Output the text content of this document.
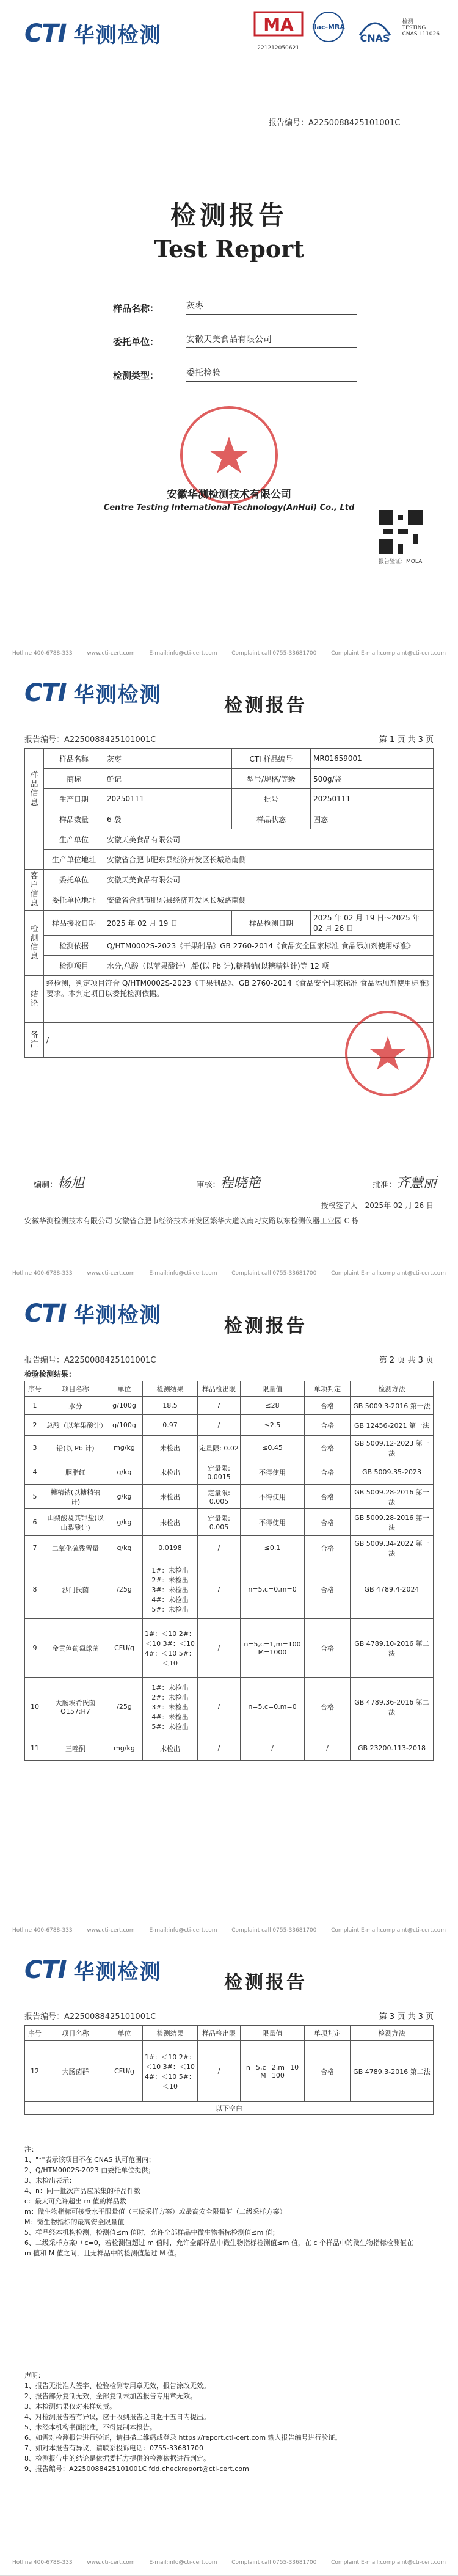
CTI 华测检测	MA
221212050621
ilac-MRA
CNAS
检测
TESTING
CNAS L11026
报告编号：A2250088425101001C
检测报告
Test Report
样品名称：	灰枣
委托单位：	安徽天美食品有限公司
检测类型：	委托检验
安徽华测检测技术有限公司
Centre Testing International Technology(AnHui) Co., Ltd
报告验证：MOLA
Hotline 400-6788-333	www.cti-cert.com	E-mail:info@cti-cert.com	Complaint call 0755-33681700	Complaint E-mail:complaint@cti-cert.com
CTI 华测检测	检测报告
报告编号：A2250088425101001C	第 1 页 共 3 页
样品信息	样品名称	灰枣	CTI 样品编号	MR01659001
	商标	鲜记	型号/规格/等级	500g/袋
	生产日期	20250111	批号	20250111
	样品数量	6 袋	样品状态	固态
	生产单位	安徽天美食品有限公司		
	生产单位地址	安徽省合肥市肥东县经济开发区长城路南侧		
客户信息	委托单位	安徽天美食品有限公司		
	委托单位地址	安徽省合肥市肥东县经济开发区长城路南侧		
检测信息	样品接收日期	2025 年 02 月 19 日	样品检测日期	2025 年 02 月 19 日～2025 年 02 月 26 日
	检测依据	Q/HTM0002S-2023《干果制品》GB 2760-2014《食品安全国家标准 食品添加剂使用标准》		
	检测项目	水分,总酸（以苹果酸计）,铅(以 Pb 计),糖精钠(以糖精钠计)等 12 项		
结论	经检测，判定项目符合 Q/HTM0002S-2023《干果制品》、GB 2760-2014《食品安全国家标准 食品添加剂使用标准》要求。本判定项目以委托检测依据。			
备注	/			
编制：杨旭	审核：程晓艳	批准：齐慧丽
授权签字人　 2025年 02 月 26 日
安徽华测检测技术有限公司 安徽省合肥市经济技术开发区繁华大道以南习友路以东检测仪器工业园 C 栋
Hotline 400-6788-333	www.cti-cert.com	E-mail:info@cti-cert.com	Complaint call 0755-33681700	Complaint E-mail:complaint@cti-cert.com
CTI 华测检测	检测报告
报告编号：A2250088425101001C	第 2 页 共 3 页
检验检测结果：
序号	项目名称	单位	检测结果	样品检出限	限量值	单项判定	检测方法
1	水分	g/100g	18.5	/	≤28	合格	GB 5009.3-2016 第一法
2	总酸（以苹果酸计）	g/100g	0.97	/	≤2.5	合格	GB 12456-2021 第一法
3	铅(以 Pb 计)	mg/kg	未检出	定量限: 0.02	≤0.45	合格	GB 5009.12-2023 第一法
4	胭脂红	g/kg	未检出	定量限: 0.0015	不得使用	合格	GB 5009.35-2023
5	糖精钠(以糖精钠计)	g/kg	未检出	定量限: 0.005	不得使用	合格	GB 5009.28-2016 第一法
6	山梨酸及其钾盐(以山梨酸计)	g/kg	未检出	定量限: 0.005	不得使用	合格	GB 5009.28-2016 第一法
7	二氧化硫残留量	g/kg	0.0198	/	≤0.1	合格	GB 5009.34-2022 第一法
8	沙门氏菌	/25g	1#：未检出 2#：未检出 3#：未检出 4#：未检出 5#：未检出	/	n=5,c=0,m=0	合格	GB 4789.4-2024
9	金黄色葡萄球菌	CFU/g	1#：＜10 2#：＜10 3#：＜10 4#：＜10 5#：＜10	/	n=5,c=1,m=100 M=1000	合格	GB 4789.10-2016 第二法
10	大肠埃希氏菌 O157:H7	/25g	1#：未检出 2#：未检出 3#：未检出 4#：未检出 5#：未检出	/	n=5,c=0,m=0	合格	GB 4789.36-2016 第二法
11	三唑酮	mg/kg	未检出	/	/	/	GB 23200.113-2018
Hotline 400-6788-333	www.cti-cert.com	E-mail:info@cti-cert.com	Complaint call 0755-33681700	Complaint E-mail:complaint@cti-cert.com
CTI 华测检测	检测报告
报告编号：A2250088425101001C	第 3 页 共 3 页
序号	项目名称	单位	检测结果	样品检出限	限量值	单项判定	检测方法
12	大肠菌群	CFU/g	1#：＜10 2#：＜10 3#：＜10 4#：＜10 5#：＜10	/	n=5,c=2,m=10 M=100	合格	GB 4789.3-2016 第二法
以下空白							
注：
1、"*"表示该项目不在 CNAS 认可范围内；
2、Q/HTM0002S-2023 由委托单位提供；
3、未检出表示：
4、n：同一批次产品应采集的样品件数
c：最大可允许超出 m 值的样品数
m：微生物指标可接受水平限量值（三级采样方案）或最高安全限量值（二级采样方案）
M：微生物指标的最高安全限量值
5、样品经本机构检测，检测值≤m 值时，允许全部样品中微生物指标检测值≤m 值；
6、二级采样方案中 c=0，若检测值超过 m 值时，允许全部样品中微生物指标检测值≤m 值，在 c 个样品中的微生物指标检测值在 m 值和 M 值之间，且无样品中的检测值超过 M 值。
声明：
1、报告无批准人签字、检验检测专用章无效，报告涂改无效。
2、报告部分复制无效，全部复制未加盖报告专用章无效。
3、本检测结果仅对来样负责。
4、对检测报告若有异议，应于收到报告之日起十五日内提出。
5、未经本机构书面批准，不得复制本报告。
6、如需对检测报告进行验证，请扫描二维码或登录 https://report.cti-cert.com 输入报告编号进行验证。
7、如对本报告有异议，请联系投诉电话：0755-33681700
8、检测报告中的结论是依据委托方提供的检测依据进行判定。
9、报告编号：A2250088425101001C fdd.checkreport@cti-cert.com
Hotline 400-6788-333	www.cti-cert.com	E-mail:info@cti-cert.com	Complaint call 0755-33681700	Complaint E-mail:complaint@cti-cert.com
